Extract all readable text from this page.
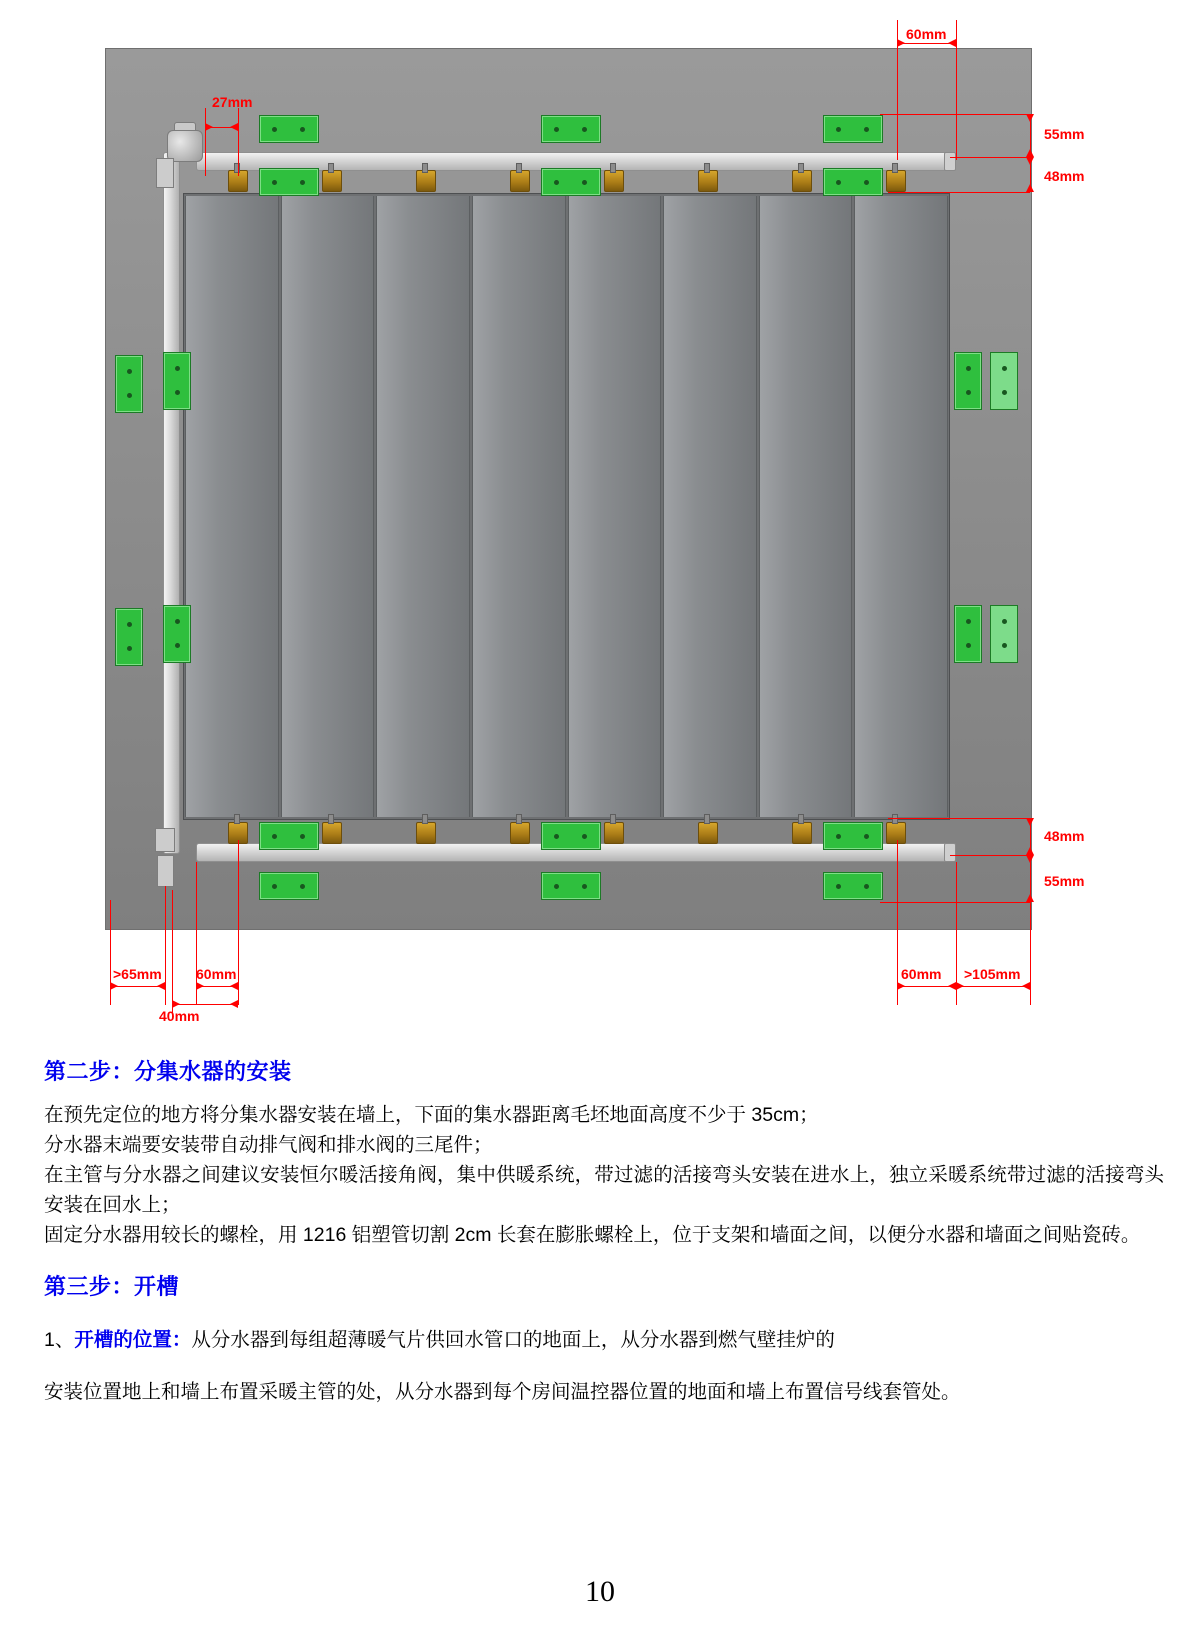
60mm
27mm
55mm
48mm
48mm
55mm
>65mm 60mm
40mm
60mm >105mm
第二步：分集水器的安装

在预先定位的地方将分集水器安装在墙上，下面的集水器距离毛坯地面高度不少于 35cm；

分水器末端要安装带自动排气阀和排水阀的三尾件；

在主管与分水器之间建议安装恒尔暖活接角阀，集中供暖系统，带过滤的活接弯头安装在进水上，独立采暖系统带过滤的活接弯头安装在回水上；

固定分水器用较长的螺栓，用 1216 铝塑管切割 2cm 长套在膨胀螺栓上，位于支架和墙面之间，以便分水器和墙面之间贴瓷砖。

第三步：开槽

1、开槽的位置：从分水器到每组超薄暖气片供回水管口的地面上，从分水器到燃气壁挂炉的

安装位置地上和墙上布置采暖主管的处，从分水器到每个房间温控器位置的地面和墙上布置信号线套管处。

10
